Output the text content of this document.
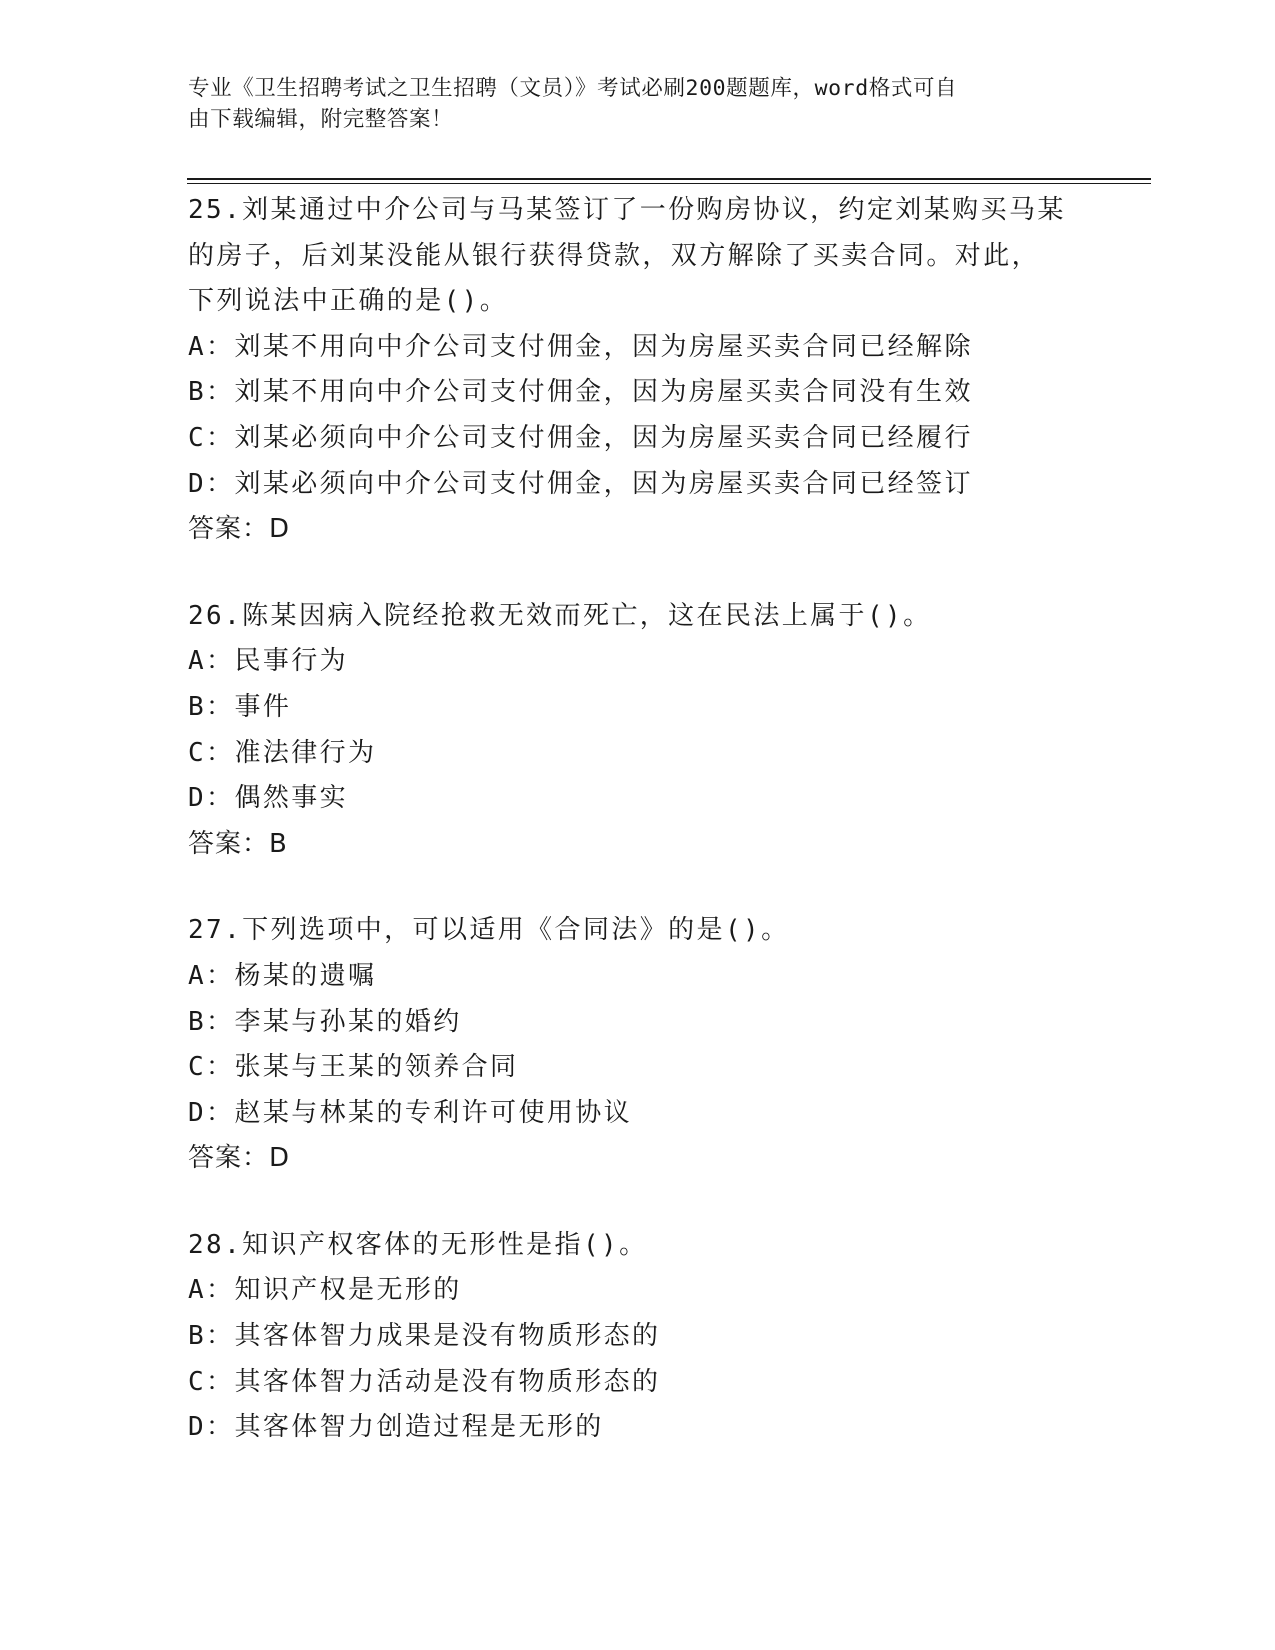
专业《卫生招聘考试之卫生招聘（文员）》考试必刷200题题库，word格式可自

由下载编辑，附完整答案！

25.刘某通过中介公司与马某签订了一份购房协议，约定刘某购买马某

的房子，后刘某没能从银行获得贷款，双方解除了买卖合同。对此，

下列说法中正确的是()。

A：刘某不用向中介公司支付佣金，因为房屋买卖合同已经解除

B：刘某不用向中介公司支付佣金，因为房屋买卖合同没有生效

C：刘某必须向中介公司支付佣金，因为房屋买卖合同已经履行

D：刘某必须向中介公司支付佣金，因为房屋买卖合同已经签订

答案：D

26.陈某因病入院经抢救无效而死亡，这在民法上属于()。

A：民事行为

B：事件

C：准法律行为

D：偶然事实

答案：B

27.下列选项中，可以适用《合同法》的是()。

A：杨某的遗嘱

B：李某与孙某的婚约

C：张某与王某的领养合同

D：赵某与林某的专利许可使用协议

答案：D

28.知识产权客体的无形性是指()。

A：知识产权是无形的

B：其客体智力成果是没有物质形态的

C：其客体智力活动是没有物质形态的

D：其客体智力创造过程是无形的
